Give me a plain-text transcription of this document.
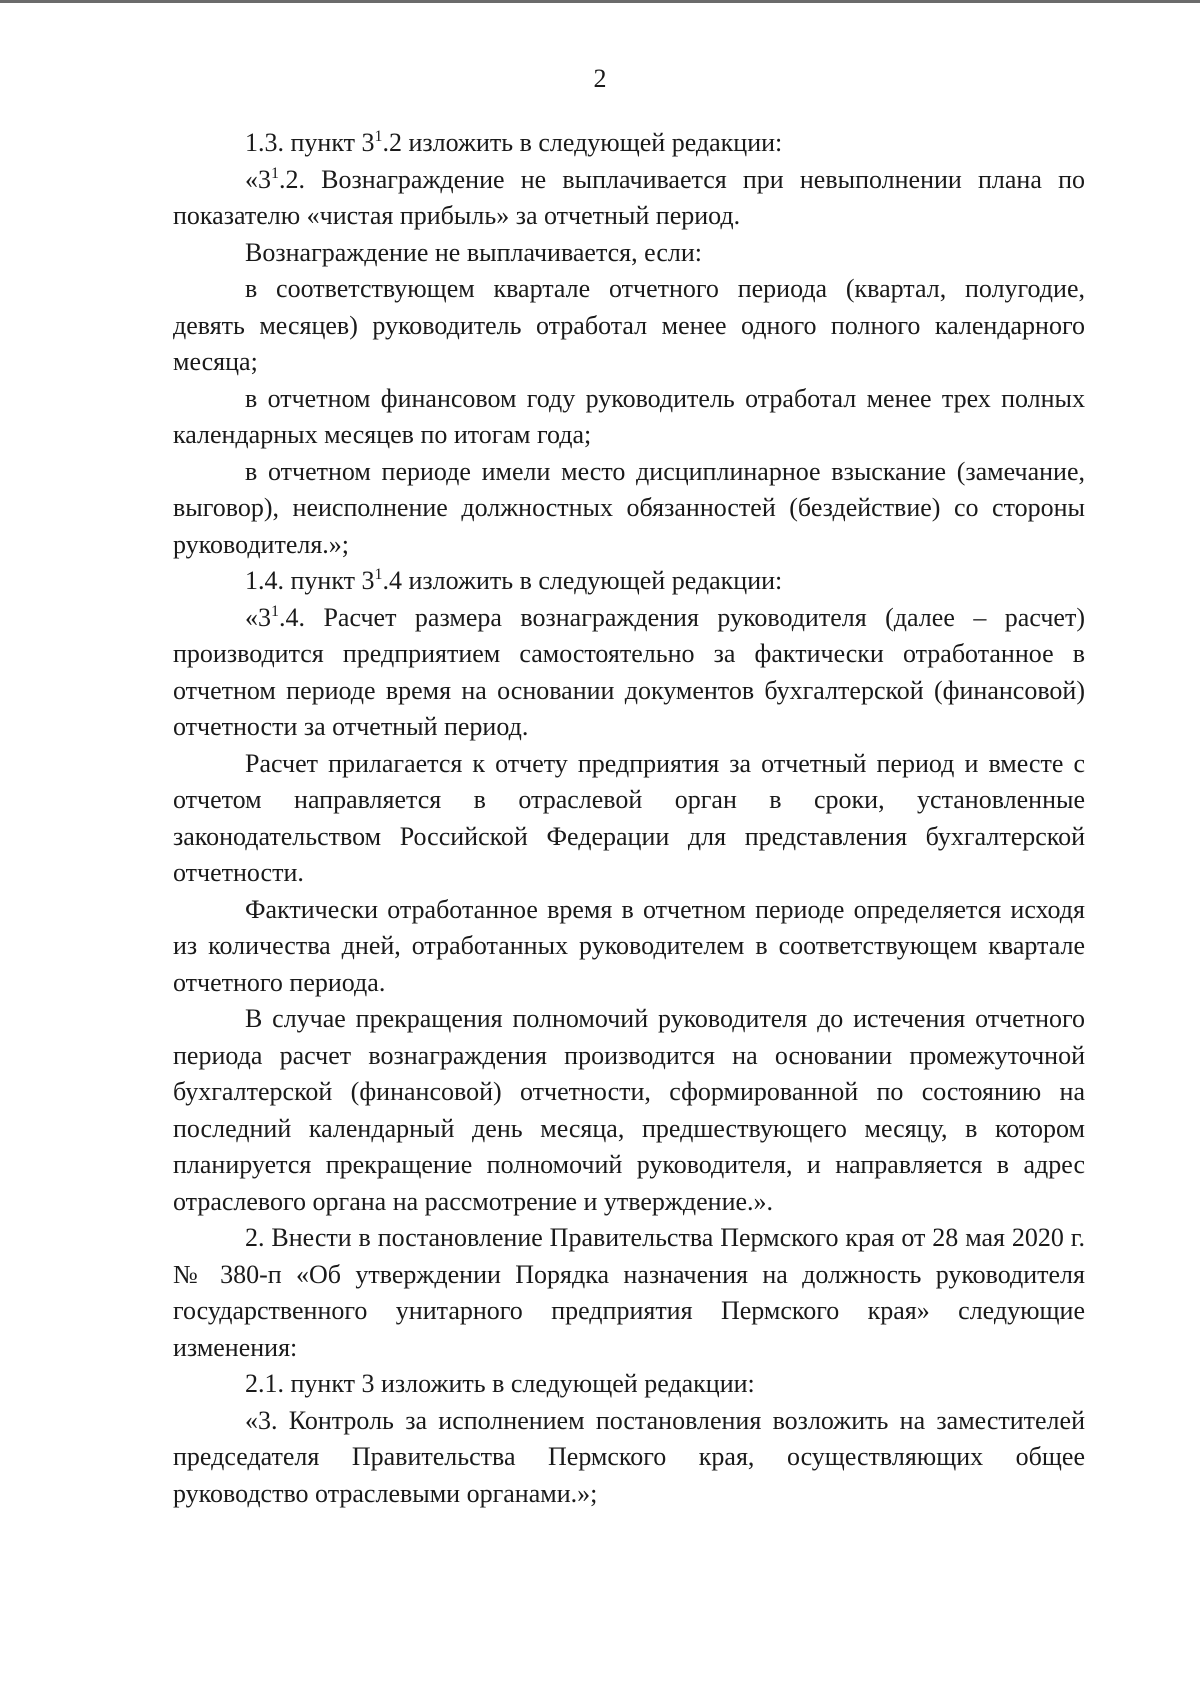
2

1.3. пункт $3^1.2$ изложить в следующей редакции:

«$3^1.2$. Вознаграждение не выплачивается при невыполнении плана по показателю «чистая прибыль» за отчетный период.

Вознаграждение не выплачивается, если:

в соответствующем квартале отчетного периода (квартал, полугодие, девять месяцев) руководитель отработал менее одного полного календарного месяца;

в отчетном финансовом году руководитель отработал менее трех полных календарных месяцев по итогам года;

в отчетном периоде имели место дисциплинарное взыскание (замечание, выговор), неисполнение должностных обязанностей (бездействие) со стороны руководителя.»;

1.4. пункт $3^1.4$ изложить в следующей редакции:

«$3^1.4$. Расчет размера вознаграждения руководителя (далее – расчет) производится предприятием самостоятельно за фактически отработанное в отчетном периоде время на основании документов бухгалтерской (финансовой) отчетности за отчетный период.

Расчет прилагается к отчету предприятия за отчетный период и вместе с отчетом направляется в отраслевой орган в сроки, установленные законодательством Российской Федерации для представления бухгалтерской отчетности.

Фактически отработанное время в отчетном периоде определяется исходя из количества дней, отработанных руководителем в соответствующем квартале отчетного периода.

В случае прекращения полномочий руководителя до истечения отчетного периода расчет вознаграждения производится на основании промежуточной бухгалтерской (финансовой) отчетности, сформированной по состоянию на последний календарный день месяца, предшествующего месяцу, в котором планируется прекращение полномочий руководителя, и направляется в адрес отраслевого органа на рассмотрение и утверждение.».

2. Внести в постановление Правительства Пермского края от 28 мая 2020 г. № 380-п «Об утверждении Порядка назначения на должность руководителя государственного унитарного предприятия Пермского края» следующие изменения:

2.1. пункт 3 изложить в следующей редакции:

«3. Контроль за исполнением постановления возложить на заместителей председателя Правительства Пермского края, осуществляющих общее руководство отраслевыми органами.»;
